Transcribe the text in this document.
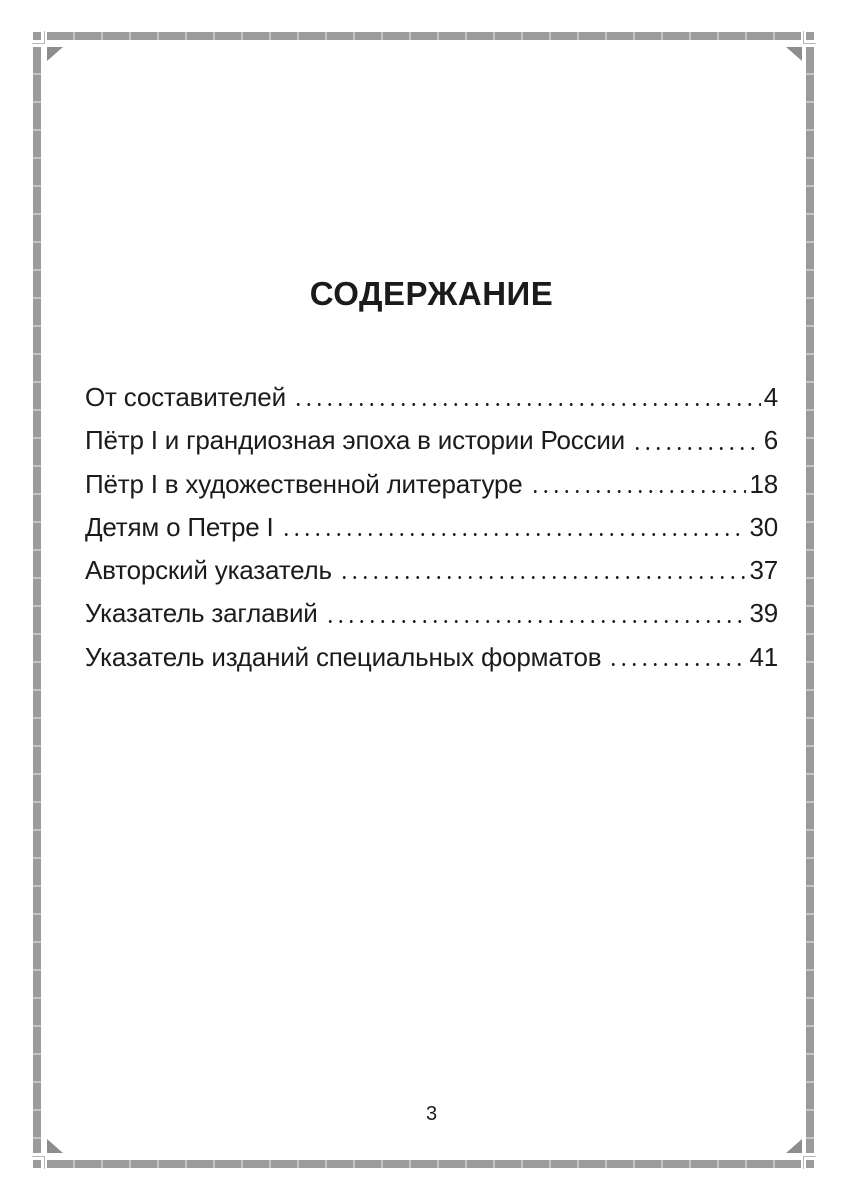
СОДЕРЖАНИЕ
От составителей	4
Пётр I и грандиозная эпоха в истории России	6
Пётр I в художественной литературе	18
Детям о Петре I	30
Авторский указатель	37
Указатель заглавий	39
Указатель изданий специальных форматов	41
3
